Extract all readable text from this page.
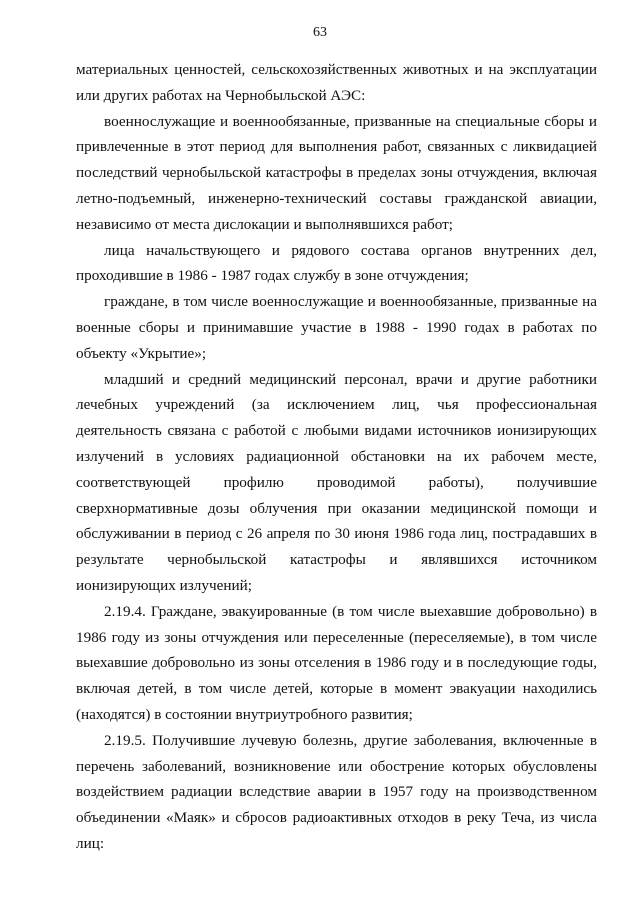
63

материальных ценностей, сельскохозяйственных животных и на эксплуатации или других работах на Чернобыльской АЭС:

военнослужащие и военнообязанные, призванные на специальные сборы и привлеченные в этот период для выполнения работ, связанных с ликвидацией последствий чернобыльской катастрофы в пределах зоны отчуждения, включая летно-подъемный, инженерно-технический составы гражданской авиации, независимо от места дислокации и выполнявшихся работ;

лица начальствующего и рядового состава органов внутренних дел, проходившие в 1986 - 1987 годах службу в зоне отчуждения;

граждане, в том числе военнослужащие и военнообязанные, призванные на военные сборы и принимавшие участие в 1988 - 1990 годах в работах по объекту «Укрытие»;

младший и средний медицинский персонал, врачи и другие работники лечебных учреждений (за исключением лиц, чья профессиональная деятельность связана с работой с любыми видами источников ионизирующих излучений в условиях радиационной обстановки на их рабочем месте, соответствующей профилю проводимой работы), получившие сверхнормативные дозы облучения при оказании медицинской помощи и обслуживании в период с 26 апреля по 30 июня 1986 года лиц, пострадавших в результате чернобыльской катастрофы и являвшихся источником ионизирующих излучений;

2.19.4. Граждане, эвакуированные (в том числе выехавшие добровольно) в 1986 году из зоны отчуждения или переселенные (переселяемые), в том числе выехавшие добровольно из зоны отселения в 1986 году и в последующие годы, включая детей, в том числе детей, которые в момент эвакуации находились (находятся) в состоянии внутриутробного развития;

2.19.5. Получившие лучевую болезнь, другие заболевания, включенные в перечень заболеваний, возникновение или обострение которых обусловлены воздействием радиации вследствие аварии в 1957 году на производственном объединении «Маяк» и сбросов радиоактивных отходов в реку Теча, из числа лиц:
